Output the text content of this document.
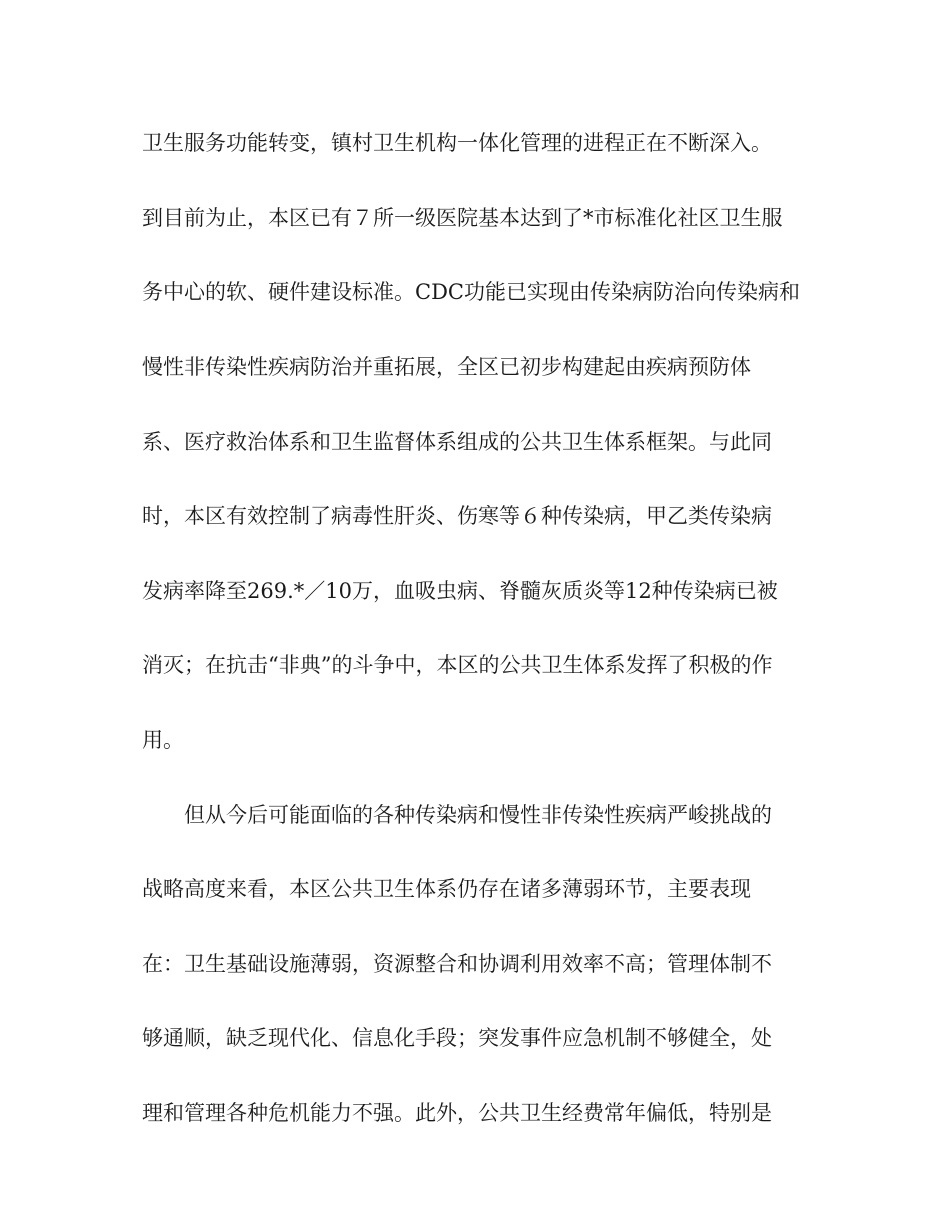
卫生服务功能转变，镇村卫生机构一体化管理的进程正在不断深入。
到目前为止，本区已有７所一级医院基本达到了*市标准化社区卫生服
务中心的软、硬件建设标准。CDC功能已实现由传染病防治向传染病和
慢性非传染性疾病防治并重拓展，全区已初步构建起由疾病预防体
系、医疗救治体系和卫生监督体系组成的公共卫生体系框架。与此同
时，本区有效控制了病毒性肝炎、伤寒等６种传染病，甲乙类传染病
发病率降至269.*／10万，血吸虫病、脊髓灰质炎等12种传染病已被
消灭；在抗击“非典”的斗争中，本区的公共卫生体系发挥了积极的作
用。
但从今后可能面临的各种传染病和慢性非传染性疾病严峻挑战的
战略高度来看，本区公共卫生体系仍存在诸多薄弱环节，主要表现
在：卫生基础设施薄弱，资源整合和协调利用效率不高；管理体制不
够通顺，缺乏现代化、信息化手段；突发事件应急机制不够健全，处
理和管理各种危机能力不强。此外，公共卫生经费常年偏低，特别是
